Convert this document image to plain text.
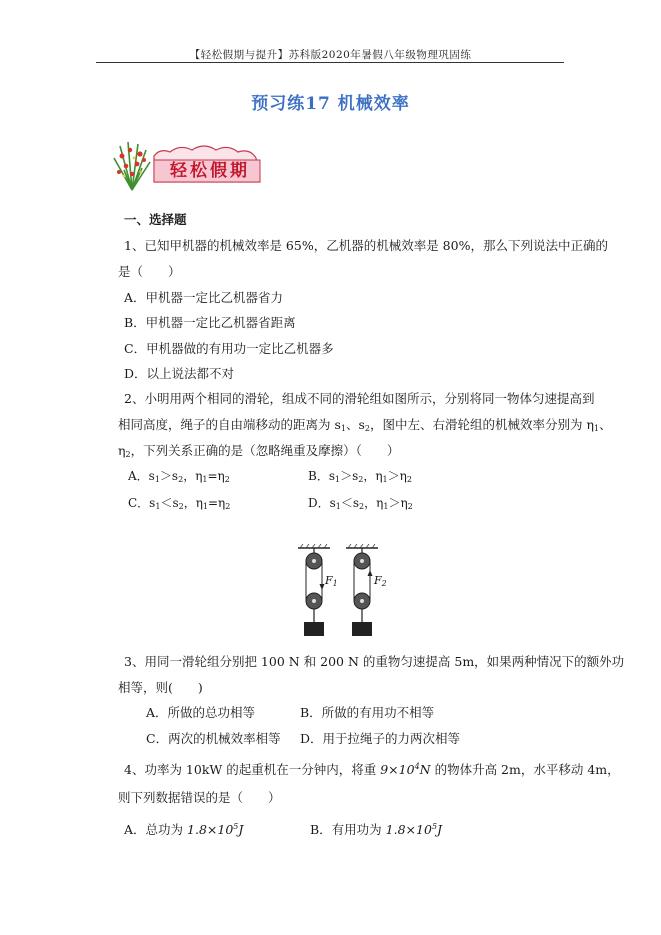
【轻松假期与提升】苏科版2020年暑假八年级物理巩固练
预习练17 机械效率
轻松假期
一、选择题
1、已知甲机器的机械效率是 65%，乙机器的机械效率是 80%，那么下列说法中正确的
是（　　）
A．甲机器一定比乙机器省力
B．甲机器一定比乙机器省距离
C．甲机器做的有用功一定比乙机器多
D．以上说法都不对
2、小明用两个相同的滑轮，组成不同的滑轮组如图所示，分别将同一物体匀速提高到
相同高度，绳子的自由端移动的距离为 $s_1$、$s_2$，图中左、右滑轮组的机械效率分别为 $\eta_1$、
$\eta_2$，下列关系正确的是（忽略绳重及摩擦）（　　）
A．$s_1>s_2$，$\eta_1=\eta_2$	B．$s_1>s_2$，$\eta_1>\eta_2$
C．$s_1<s_2$，$\eta_1=\eta_2$	D．$s_1<s_2$，$\eta_1>\eta_2$
$F_1$	$F_2$
3、用同一滑轮组分别把 100 N 和 200 N 的重物匀速提高 5m，如果两种情况下的额外功
相等，则(　　)
A．所做的总功相等	B．所做的有用功不相等
C．两次的机械效率相等 D．用于拉绳子的力两次相等
4、功率为 10kW 的起重机在一分钟内，将重 $9\times 10^4N$ 的物体升高 2m，水平移动 4m，
则下列数据错误的是（　　）
A．总功为 $1.8\times 10^5J$	B．有用功为 $1.8\times 10^5J$
